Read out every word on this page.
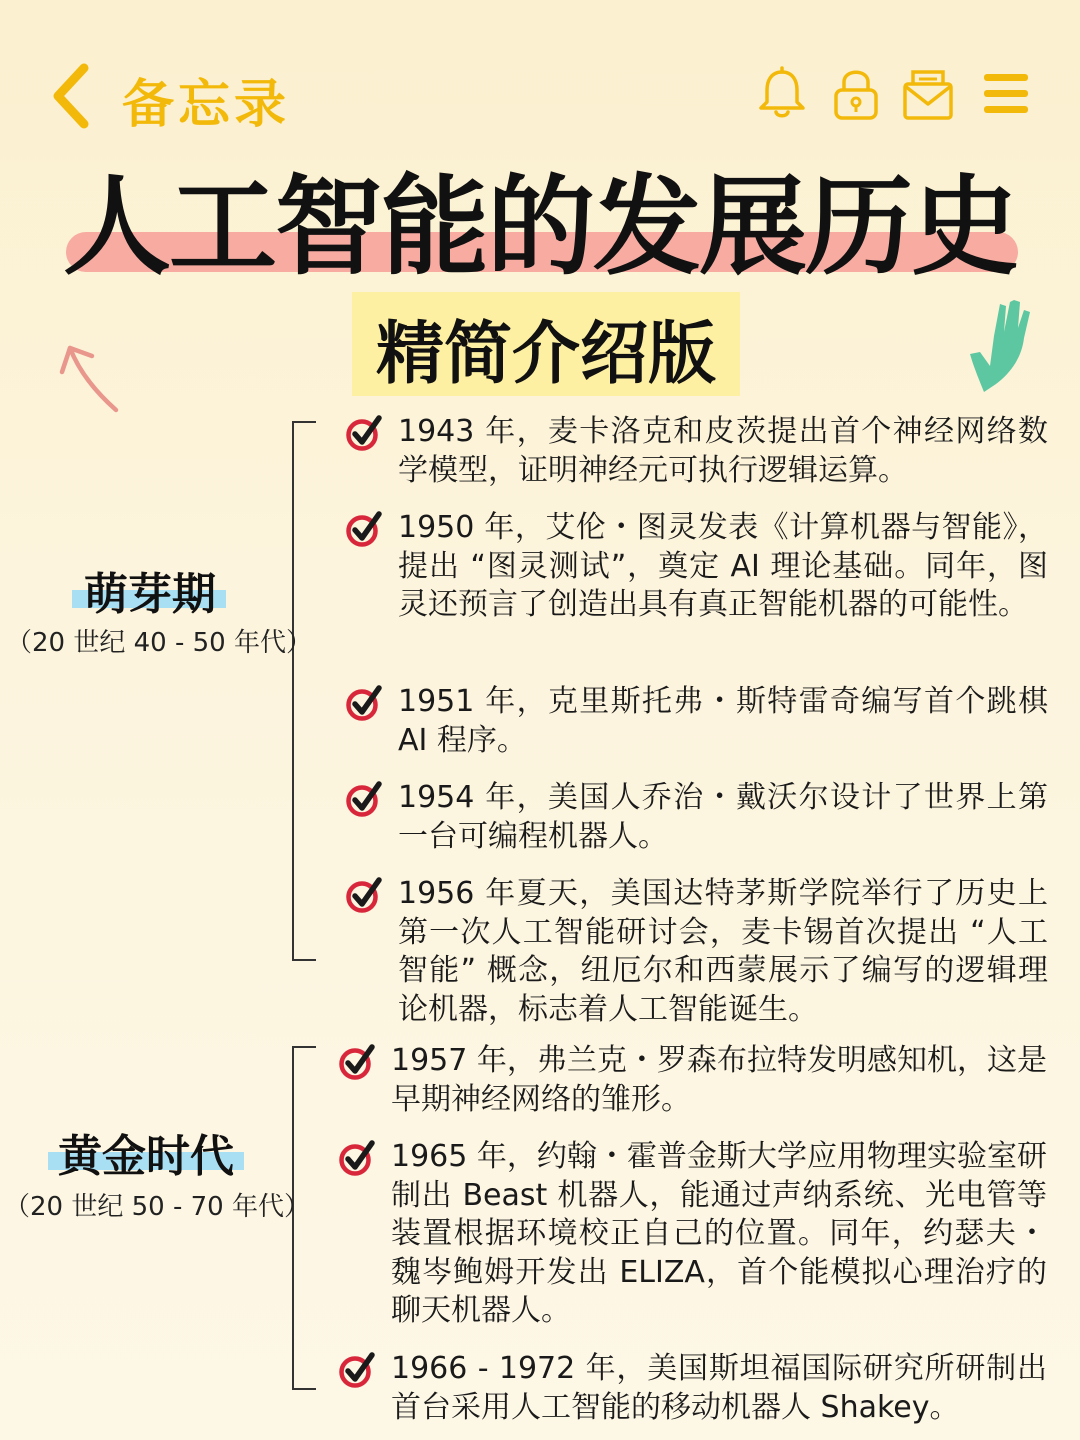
备忘录
人工智能的发展历史
精简介绍版
萌芽期
（20 世纪 40 - 50 年代）
黄金时代
（20 世纪 50 - 70 年代）
1943 年，麦卡洛克和皮茨提出首个神经网络数学模型，证明神经元可执行逻辑运算。
1950 年，艾伦・图灵发表《计算机器与智能》，提出 “图灵测试”，奠定 AI 理论基础。同年，图灵还预言了创造出具有真正智能机器的可能性。
1951 年，克里斯托弗・斯特雷奇编写首个跳棋 AI 程序。
1954 年，美国人乔治・戴沃尔设计了世界上第一台可编程机器人。
1956 年夏天，美国达特茅斯学院举行了历史上第一次人工智能研讨会，麦卡锡首次提出 “人工智能” 概念，纽厄尔和西蒙展示了编写的逻辑理论机器，标志着人工智能诞生。
1957 年，弗兰克・罗森布拉特发明感知机，这是早期神经网络的雏形。
1965 年，约翰・霍普金斯大学应用物理实验室研制出 Beast 机器人，能通过声纳系统、光电管等装置根据环境校正自己的位置。同年，约瑟夫・魏岑鲍姆开发出 ELIZA，首个能模拟心理治疗的聊天机器人。
1966 - 1972 年，美国斯坦福国际研究所研制出首台采用人工智能的移动机器人 Shakey。
